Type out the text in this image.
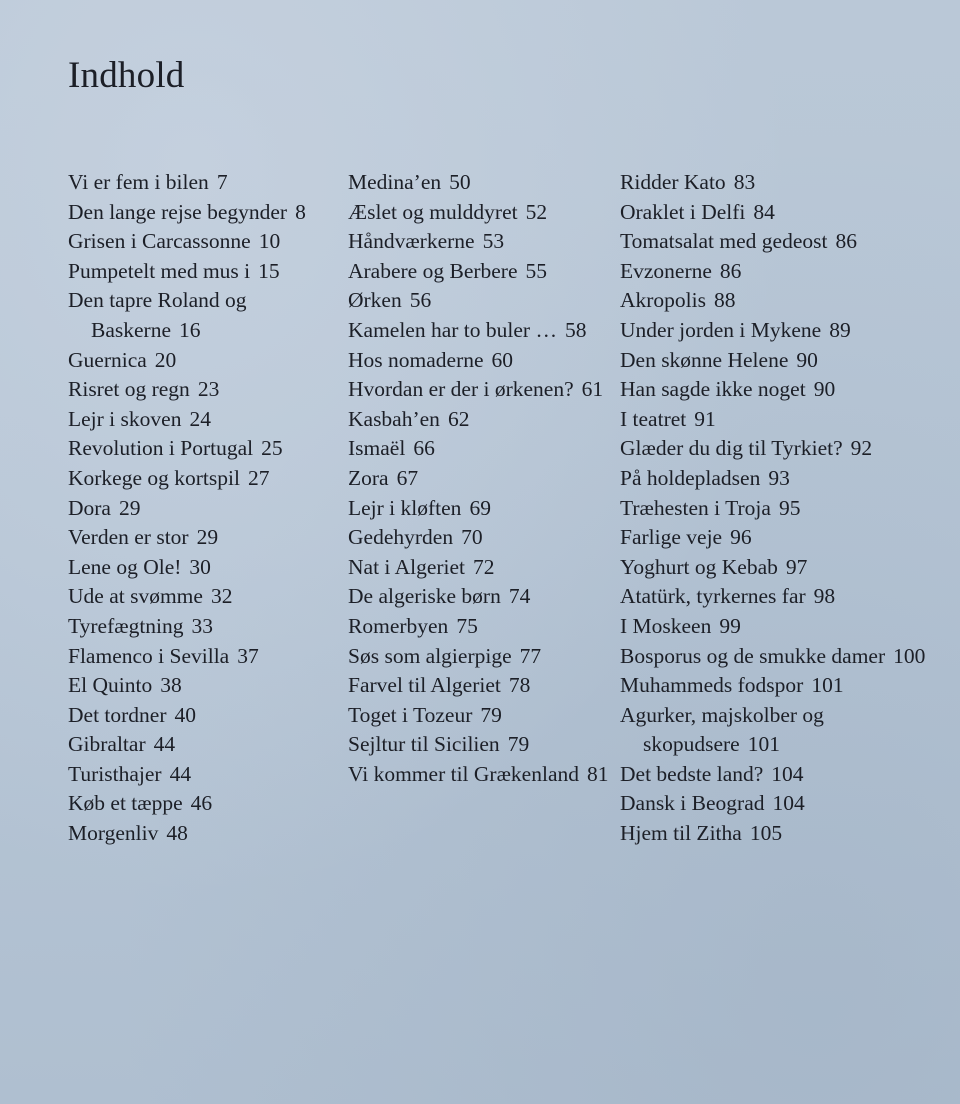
Indhold
Vi er fem i bilen 7
Den lange rejse begynder 8
Grisen i Carcassonne 10
Pumpetelt med mus i 15
Den tapre Roland og Baskerne 16
Guernica 20
Risret og regn 23
Lejr i skoven 24
Revolution i Portugal 25
Korkege og kortspil 27
Dora 29
Verden er stor 29
Lene og Ole! 30
Ude at svømme 32
Tyrefægtning 33
Flamenco i Sevilla 37
El Quinto 38
Det tordner 40
Gibraltar 44
Turisthajer 44
Køb et tæppe 46
Morgenliv 48
Medina’en 50
Æslet og mulddyret 52
Håndværkerne 53
Arabere og Berbere 55
Ørken 56
Kamelen har to buler … 58
Hos nomaderne 60
Hvordan er der i ørkenen? 61
Kasbah’en 62
Ismaël 66
Zora 67
Lejr i kløften 69
Gedehyrden 70
Nat i Algeriet 72
De algeriske børn 74
Romerbyen 75
Søs som algierpige 77
Farvel til Algeriet 78
Toget i Tozeur 79
Sejltur til Sicilien 79
Vi kommer til Grækenland 81
Ridder Kato 83
Oraklet i Delfi 84
Tomatsalat med gedeost 86
Evzonerne 86
Akropolis 88
Under jorden i Mykene 89
Den skønne Helene 90
Han sagde ikke noget 90
I teatret 91
Glæder du dig til Tyrkiet? 92
På holdepladsen 93
Træhesten i Troja 95
Farlige veje 96
Yoghurt og Kebab 97
Atatürk, tyrkernes far 98
I Moskeen 99
Bosporus og de smukke damer 100
Muhammeds fodspor 101
Agurker, majskolber og skopudsere 101
Det bedste land? 104
Dansk i Beograd 104
Hjem til Zitha 105
